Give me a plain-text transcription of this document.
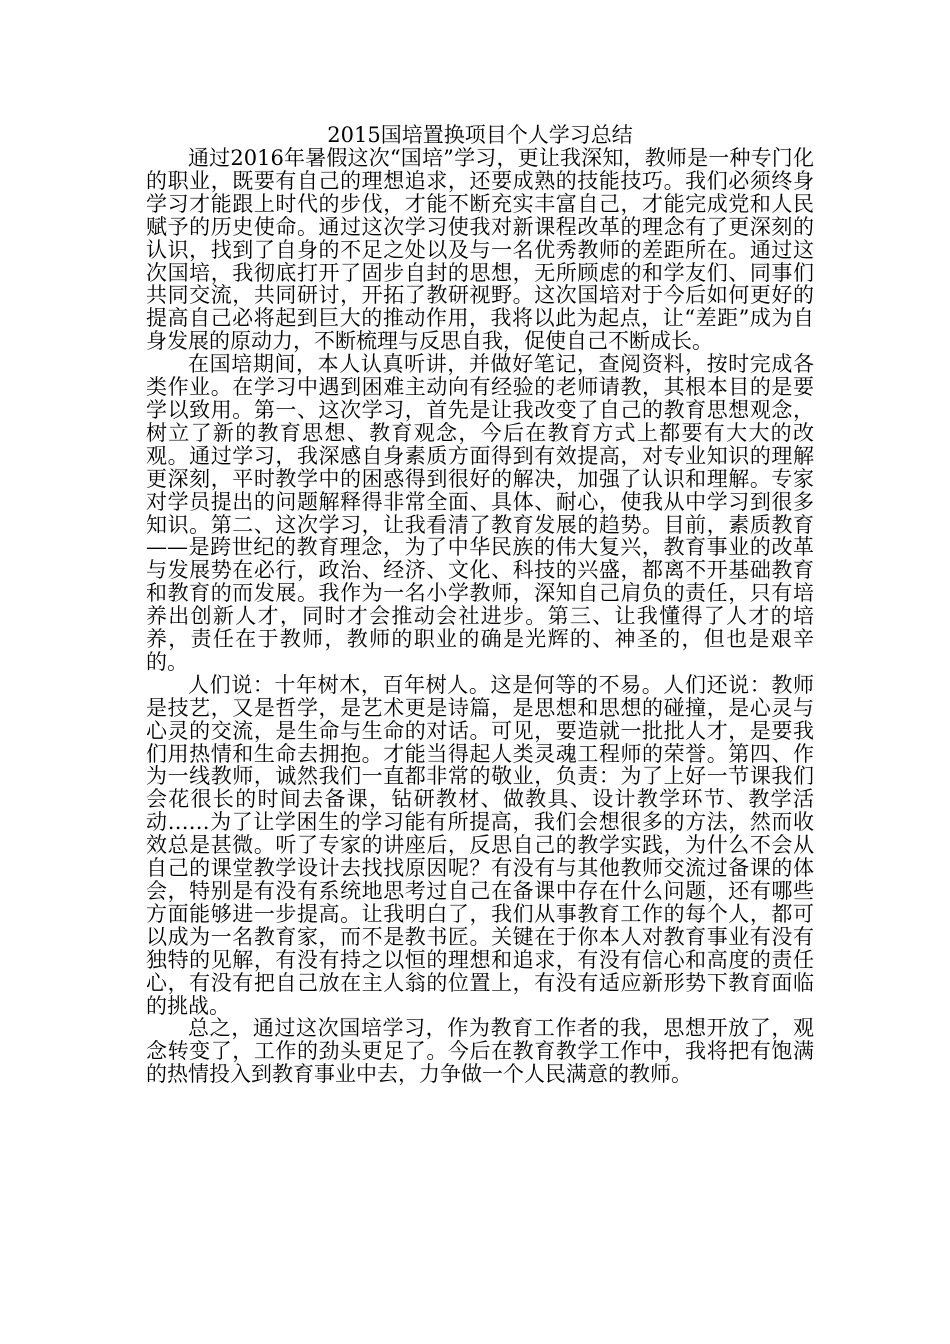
2015国培置换项目个人学习总结

通过2016年暑假这次“国培”学习，更让我深知，教师是一种专门化的职业，既要有自己的理想追求，还要成熟的技能技巧。我们必须终身学习才能跟上时代的步伐，才能不断充实丰富自己，才能完成党和人民赋予的历史使命。通过这次学习使我对新课程改革的理念有了更深刻的认识，找到了自身的不足之处以及与一名优秀教师的差距所在。通过这次国培，我彻底打开了固步自封的思想，无所顾虑的和学友们、同事们共同交流，共同研讨，开拓了教研视野。这次国培对于今后如何更好的提高自己必将起到巨大的推动作用，我将以此为起点，让“差距”成为自身发展的原动力，不断梳理与反思自我，促使自己不断成长。

在国培期间，本人认真听讲，并做好笔记，查阅资料，按时完成各类作业。在学习中遇到困难主动向有经验的老师请教，其根本目的是要学以致用。第一、这次学习，首先是让我改变了自己的教育思想观念，树立了新的教育思想、教育观念，今后在教育方式上都要有大大的改观。通过学习，我深感自身素质方面得到有效提高，对专业知识的理解更深刻，平时教学中的困惑得到很好的解决，加强了认识和理解。专家对学员提出的问题解释得非常全面、具体、耐心，使我从中学习到很多知识。第二、这次学习，让我看清了教育发展的趋势。目前，素质教育——是跨世纪的教育理念，为了中华民族的伟大复兴，教育事业的改革与发展势在必行，政治、经济、文化、科技的兴盛，都离不开基础教育和教育的而发展。我作为一名小学教师，深知自己肩负的责任，只有培养出创新人才，同时才会推动会社进步。第三、让我懂得了人才的培养，责任在于教师，教师的职业的确是光辉的、神圣的，但也是艰辛的。

人们说：十年树木，百年树人。这是何等的不易。人们还说：教师是技艺，又是哲学，是艺术更是诗篇，是思想和思想的碰撞，是心灵与心灵的交流，是生命与生命的对话。可见，要造就一批批人才，是要我们用热情和生命去拥抱。才能当得起人类灵魂工程师的荣誉。第四、作为一线教师，诚然我们一直都非常的敬业，负责：为了上好一节课我们会花很长的时间去备课，钻研教材、做教具、设计教学环节、教学活动……为了让学困生的学习能有所提高，我们会想很多的方法，然而收效总是甚微。听了专家的讲座后，反思自己的教学实践，为什么不会从自己的课堂教学设计去找找原因呢？有没有与其他教师交流过备课的体会，特别是有没有系统地思考过自己在备课中存在什么问题，还有哪些方面能够进一步提高。让我明白了，我们从事教育工作的每个人，都可以成为一名教育家，而不是教书匠。关键在于你本人对教育事业有没有独特的见解，有没有持之以恒的理想和追求，有没有信心和高度的责任心，有没有把自己放在主人翁的位置上，有没有适应新形势下教育面临的挑战。

总之，通过这次国培学习，作为教育工作者的我，思想开放了，观念转变了，工作的劲头更足了。今后在教育教学工作中，我将把有饱满的热情投入到教育事业中去，力争做一个人民满意的教师。
